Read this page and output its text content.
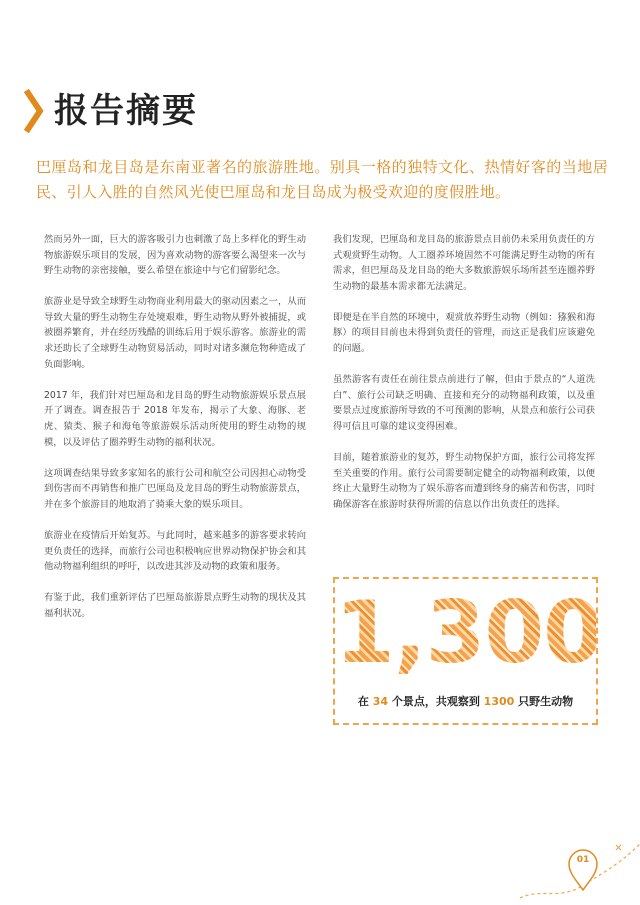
报告摘要
巴厘岛和龙目岛是东南亚著名的旅游胜地。别具一格的独特文化、热情好客的当地居民、引人入胜的自然风光使巴厘岛和龙目岛成为极受欢迎的度假胜地。

然而另外一面，巨大的游客吸引力也刺激了岛上多样化的野生动物旅游娱乐项目的发展，因为喜欢动物的游客要么渴望来一次与野生动物的亲密接触，要么希望在旅途中与它们留影纪念。

旅游业是导致全球野生动物商业利用最大的驱动因素之一，从而导致大量的野生动物生存处境艰难，野生动物从野外被捕捉，或被圈养繁育，并在经历残酷的训练后用于娱乐游客。旅游业的需求还助长了全球野生动物贸易活动，同时对诸多濒危物种造成了负面影响。

2017 年，我们针对巴厘岛和龙目岛的野生动物旅游娱乐景点展开了调查。调查报告于 2018 年发布，揭示了大象、海豚、老虎、猿类、猴子和海龟等旅游娱乐活动所使用的野生动物的规模，以及评估了圈养野生动物的福利状况。

这项调查结果导致多家知名的旅行公司和航空公司因担心动物受到伤害而不再销售和推广巴厘岛及龙目岛的野生动物旅游景点，并在多个旅游目的地取消了骑乘大象的娱乐项目。

旅游业在疫情后开始复苏。与此同时，越来越多的游客要求转向更负责任的选择，而旅行公司也积极响应世界动物保护协会和其他动物福利组织的呼吁，以改进其涉及动物的政策和服务。

有鉴于此，我们重新评估了巴厘岛旅游景点野生动物的现状及其福利状况。

我们发现，巴厘岛和龙目岛的旅游景点目前仍未采用负责任的方式观赏野生动物。人工圈养环境固然不可能满足野生动物的所有需求，但巴厘岛及龙目岛的绝大多数旅游娱乐场所甚至连圈养野生动物的最基本需求都无法满足。

即便是在半自然的环境中，观赏放养野生动物（例如：猕猴和海豚）的项目目前也未得到负责任的管理，而这正是我们应该避免的问题。

虽然游客有责任在前往景点前进行了解，但由于景点的“人道洗白”、旅行公司缺乏明确、直接和充分的动物福利政策，以及重要景点过度旅游所导致的不可预测的影响，从景点和旅行公司获得可信且可靠的建议变得困难。

目前，随着旅游业的复苏，野生动物保护方面，旅行公司将发挥至关重要的作用。旅行公司需要制定健全的动物福利政策，以便终止大量野生动物为了娱乐游客而遭到终身的痛苦和伤害，同时确保游客在旅游时获得所需的信息以作出负责任的选择。

1,300
在 34 个景点，共观察到 1300 只野生动物
01
